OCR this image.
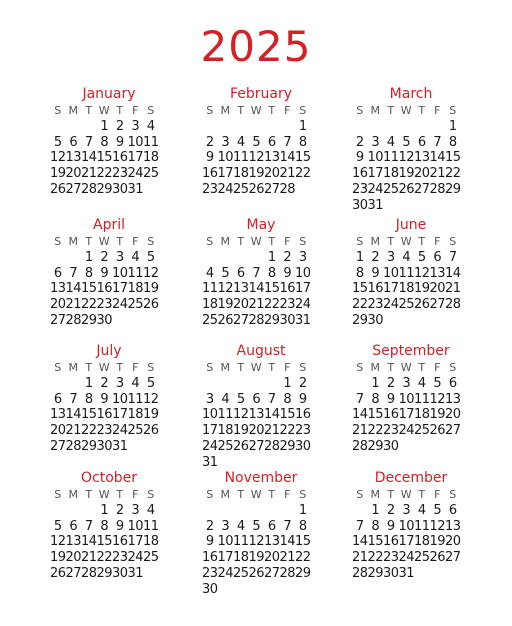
2025
January
S M T W T F S
1 2 3 4
5 6 7 8 9 10 11
12 13 14 15 16 17 18
19 20 21 22 23 24 25
26 27 28 29 30 31
February
S M T W T F S
1
2 3 4 5 6 7 8
9 10 11 12 13 14 15
16 17 18 19 20 21 22
23 24 25 26 27 28
March
S M T W T F S
1
2 3 4 5 6 7 8
9 10 11 12 13 14 15
16 17 18 19 20 21 22
23 24 25 26 27 28 29
30 31
April
S M T W T F S
1 2 3 4 5
6 7 8 9 10 11 12
13 14 15 16 17 18 19
20 21 22 23 24 25 26
27 28 29 30
May
S M T W T F S
1 2 3
4 5 6 7 8 9 10
11 12 13 14 15 16 17
18 19 20 21 22 23 24
25 26 27 28 29 30 31
June
S M T W T F S
1 2 3 4 5 6 7
8 9 10 11 12 13 14
15 16 17 18 19 20 21
22 23 24 25 26 27 28
29 30
July
S M T W T F S
1 2 3 4 5
6 7 8 9 10 11 12
13 14 15 16 17 18 19
20 21 22 23 24 25 26
27 28 29 30 31
August
S M T W T F S
1 2
3 4 5 6 7 8 9
10 11 12 13 14 15 16
17 18 19 20 21 22 23
24 25 26 27 28 29 30
31
September
S M T W T F S
1 2 3 4 5 6
7 8 9 10 11 12 13
14 15 16 17 18 19 20
21 22 23 24 25 26 27
28 29 30
October
S M T W T F S
1 2 3 4
5 6 7 8 9 10 11
12 13 14 15 16 17 18
19 20 21 22 23 24 25
26 27 28 29 30 31
November
S M T W T F S
1
2 3 4 5 6 7 8
9 10 11 12 13 14 15
16 17 18 19 20 21 22
23 24 25 26 27 28 29
30
December
S M T W T F S
1 2 3 4 5 6
7 8 9 10 11 12 13
14 15 16 17 18 19 20
21 22 23 24 25 26 27
28 29 30 31
